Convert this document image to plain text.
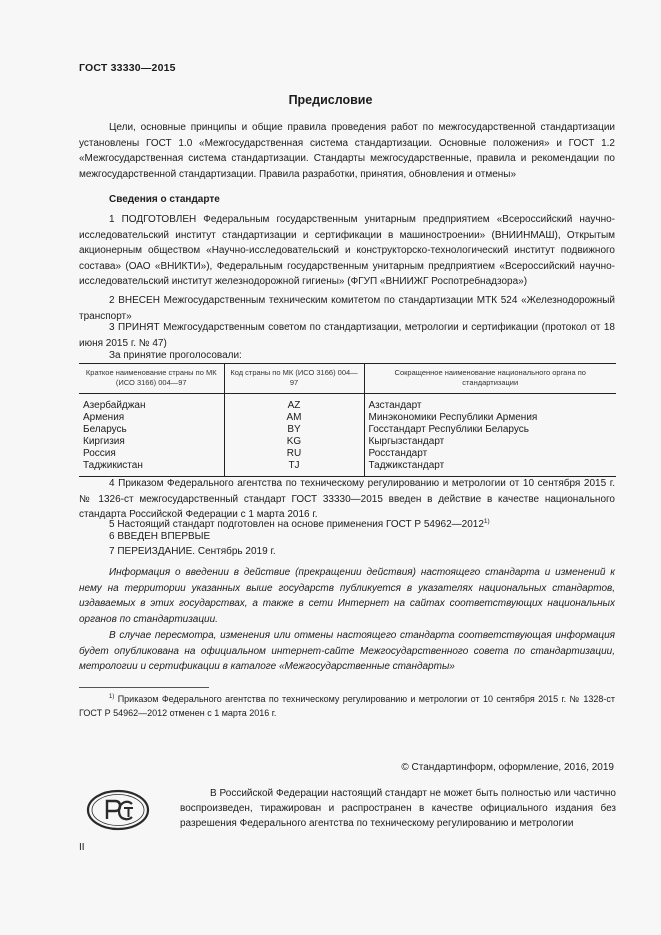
ГОСТ 33330—2015
Предисловие
Цели, основные принципы и общие правила проведения работ по межгосударственной стандартизации установлены ГОСТ 1.0 «Межгосударственная система стандартизации. Основные положения» и ГОСТ 1.2 «Межгосударственная система стандартизации. Стандарты межгосударственные, правила и рекомендации по межгосударственной стандартизации. Правила разработки, принятия, обновления и отмены»
Сведения о стандарте
1 ПОДГОТОВЛЕН Федеральным государственным унитарным предприятием «Всероссийский научно-исследовательский институт стандартизации и сертификации в машиностроении» (ВНИИНМАШ), Открытым акционерным обществом «Научно-исследовательский и конструкторско-технологический институт подвижного состава» (ОАО «ВНИКТИ»), Федеральным государственным унитарным предприятием «Всероссийский научно-исследовательский институт железнодорожной гигиены» (ФГУП «ВНИИЖГ Роспотребнадзора»)
2 ВНЕСЕН Межгосударственным техническим комитетом по стандартизации МТК 524 «Железнодорожный транспорт»
3 ПРИНЯТ Межгосударственным советом по стандартизации, метрологии и сертификации (протокол от 18 июня 2015 г. № 47)
За принятие проголосовали:
Краткое наименование страны по МК (ИСО 3166) 004—97	Код страны по МК (ИСО 3166) 004—97	Сокращенное наименование национального органа по стандартизации
Азербайджан	AZ	Азстандарт
Армения	AM	Минэкономики Республики Армения
Беларусь	BY	Госстандарт Республики Беларусь
Киргизия	KG	Кыргызстандарт
Россия	RU	Росстандарт
Таджикистан	TJ	Таджикстандарт
4 Приказом Федерального агентства по техническому регулированию и метрологии от 10 сентября 2015 г. № 1326-ст межгосударственный стандарт ГОСТ 33330—2015 введен в действие в качестве национального стандарта Российской Федерации с 1 марта 2016 г.
5 Настоящий стандарт подготовлен на основе применения ГОСТ Р 54962—2012$^{1)}$
6 ВВЕДЕН ВПЕРВЫЕ
7 ПЕРЕИЗДАНИЕ. Сентябрь 2019 г.
Информация о введении в действие (прекращении действия) настоящего стандарта и изменений к нему на территории указанных выше государств публикуется в указателях национальных стандартов, издаваемых в этих государствах, а также в сети Интернет на сайтах соответствующих национальных органов по стандартизации.
В случае пересмотра, изменения или отмены настоящего стандарта соответствующая информация будет опубликована на официальном интернет-сайте Межгосударственного совета по стандартизации, метрологии и сертификации в каталоге «Межгосударственные стандарты»
$^{1)}$ Приказом Федерального агентства по техническому регулированию и метрологии от 10 сентября 2015 г. № 1328-ст ГОСТ Р 54962—2012 отменен с 1 марта 2016 г.
© Стандартинформ, оформление, 2016, 2019
В Российской Федерации настоящий стандарт не может быть полностью или частично воспроизведен, тиражирован и распространен в качестве официального издания без разрешения Федерального агентства по техническому регулированию и метрологии
II
